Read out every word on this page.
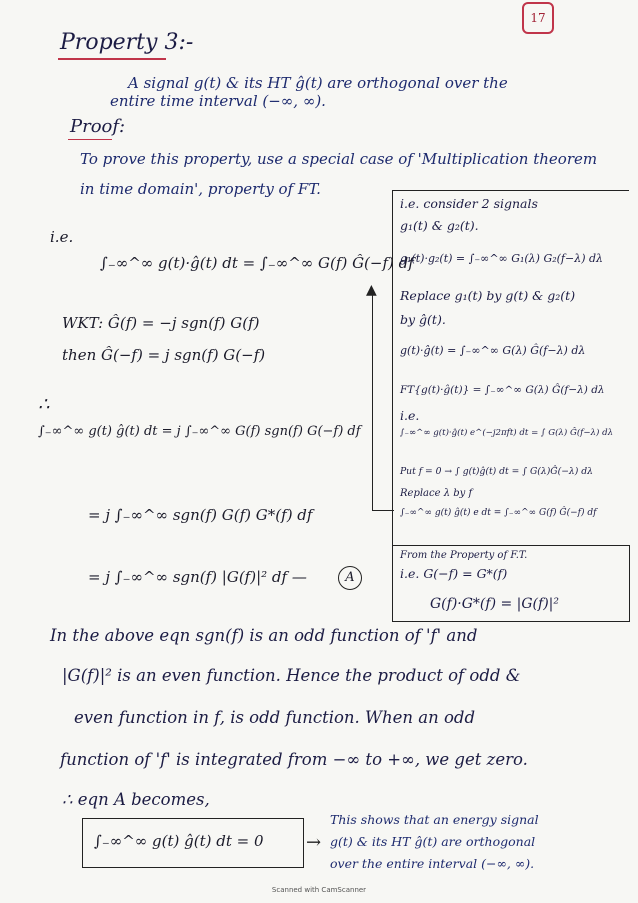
17
Property 3:-
A signal g(t) & its HT ĝ(t) are orthogonal over the
entire time interval (−∞, ∞).
Proof:
To prove this property, use a special case of 'Multiplication theorem
in time domain', property of FT.
i.e.
∫₋∞^∞ g(t)·ĝ(t) dt = ∫₋∞^∞ G(f) Ĝ(−f) df
WKT: Ĝ(f) = −j sgn(f) G(f)
then Ĝ(−f) = j sgn(f) G(−f)
∴
∫₋∞^∞ g(t) ĝ(t) dt = j ∫₋∞^∞ G(f) sgn(f) G(−f) df
= j ∫₋∞^∞ sgn(f) G(f) G*(f) df
= j ∫₋∞^∞ sgn(f) |G(f)|² df —	A
▲
i.e. consider 2 signals
g₁(t) & g₂(t).
g₁(t)·g₂(t) = ∫₋∞^∞ G₁(λ) G₂(f−λ) dλ
Replace g₁(t) by g(t) & g₂(t)
by ĝ(t).
g(t)·ĝ(t) = ∫₋∞^∞ G(λ) Ĝ(f−λ) dλ
FT{g(t)·ĝ(t)} = ∫₋∞^∞ G(λ) Ĝ(f−λ) dλ
i.e.
∫₋∞^∞ g(t)·ĝ(t) e^(−j2πft) dt = ∫ G(λ) Ĝ(f−λ) dλ
Put f = 0 → ∫ g(t)ĝ(t) dt = ∫ G(λ)Ĝ(−λ) dλ
Replace λ by f
∫₋∞^∞ g(t) ĝ(t) e dt = ∫₋∞^∞ G(f) Ĝ(−f) df
From the Property of F.T.
i.e. G(−f) = G*(f)
G(f)·G*(f) = |G(f)|²
In the above eqn sgn(f) is an odd function of 'f' and
|G(f)|² is an even function. Hence the product of odd &
even function in f, is odd function. When an odd
function of 'f' is integrated from −∞ to +∞, we get zero.
∴ eqn A becomes,
∫₋∞^∞ g(t) ĝ(t) dt = 0 →
This shows that an energy signal
g(t) & its HT ĝ(t) are orthogonal
over the entire interval (−∞, ∞).
Scanned with CamScanner
